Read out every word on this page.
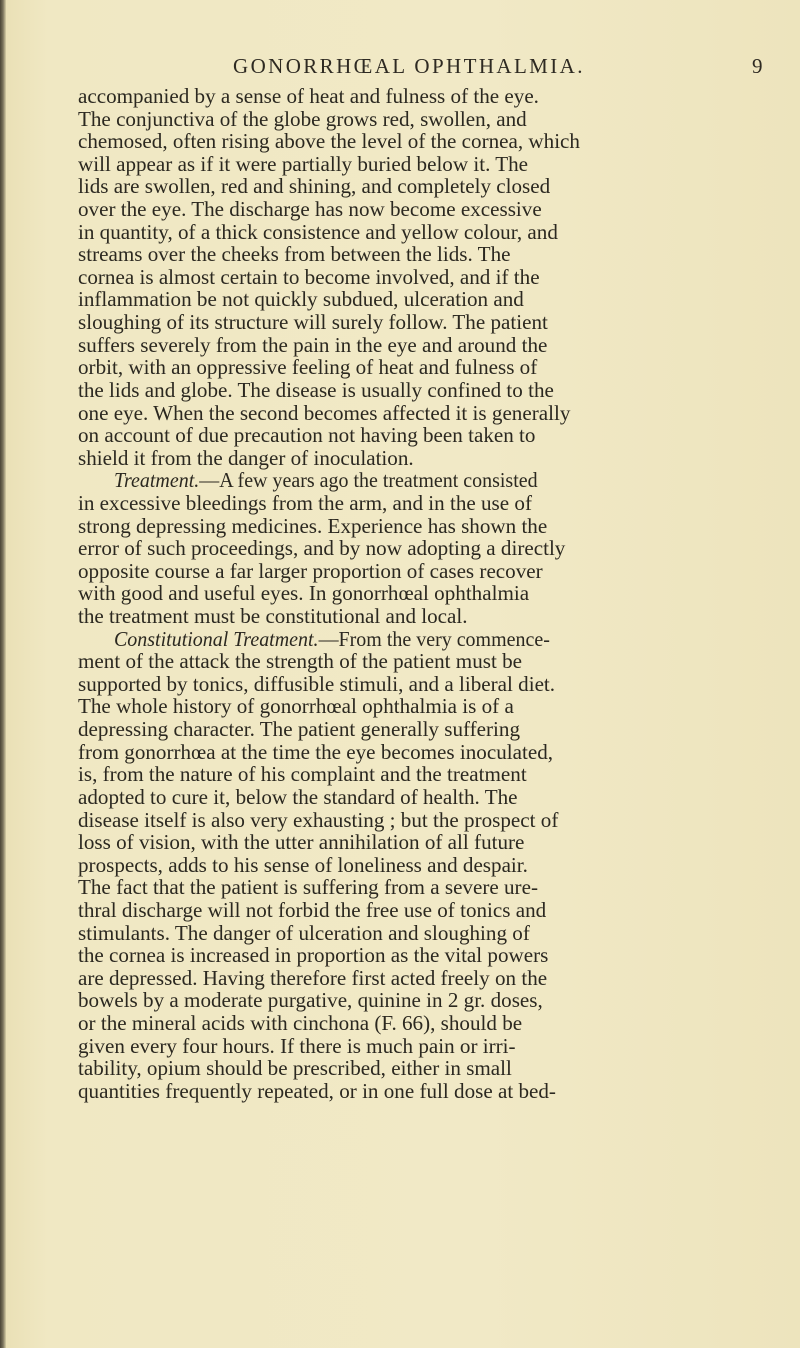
GONORRHŒAL OPHTHALMIA.	9
accompanied by a sense of heat and fulness of the eye.
The conjunctiva of the globe grows red, swollen, and
chemosed, often rising above the level of the cornea, which
will appear as if it were partially buried below it. The
lids are swollen, red and shining, and completely closed
over the eye. The discharge has now become excessive
in quantity, of a thick consistence and yellow colour, and
streams over the cheeks from between the lids. The
cornea is almost certain to become involved, and if the
inflammation be not quickly subdued, ulceration and
sloughing of its structure will surely follow. The patient
suffers severely from the pain in the eye and around the
orbit, with an oppressive feeling of heat and fulness of
the lids and globe. The disease is usually confined to the
one eye. When the second becomes affected it is generally
on account of due precaution not having been taken to
shield it from the danger of inoculation.
Treatment.—A few years ago the treatment consisted
in excessive bleedings from the arm, and in the use of
strong depressing medicines. Experience has shown the
error of such proceedings, and by now adopting a directly
opposite course a far larger proportion of cases recover
with good and useful eyes. In gonorrhœal ophthalmia
the treatment must be constitutional and local.
Constitutional Treatment.—From the very commence-
ment of the attack the strength of the patient must be
supported by tonics, diffusible stimuli, and a liberal diet.
The whole history of gonorrhœal ophthalmia is of a
depressing character. The patient generally suffering
from gonorrhœa at the time the eye becomes inoculated,
is, from the nature of his complaint and the treatment
adopted to cure it, below the standard of health. The
disease itself is also very exhausting ; but the prospect of
loss of vision, with the utter annihilation of all future
prospects, adds to his sense of loneliness and despair.
The fact that the patient is suffering from a severe ure-
thral discharge will not forbid the free use of tonics and
stimulants. The danger of ulceration and sloughing of
the cornea is increased in proportion as the vital powers
are depressed. Having therefore first acted freely on the
bowels by a moderate purgative, quinine in 2 gr. doses,
or the mineral acids with cinchona (F. 66), should be
given every four hours. If there is much pain or irri-
tability, opium should be prescribed, either in small
quantities frequently repeated, or in one full dose at bed-
